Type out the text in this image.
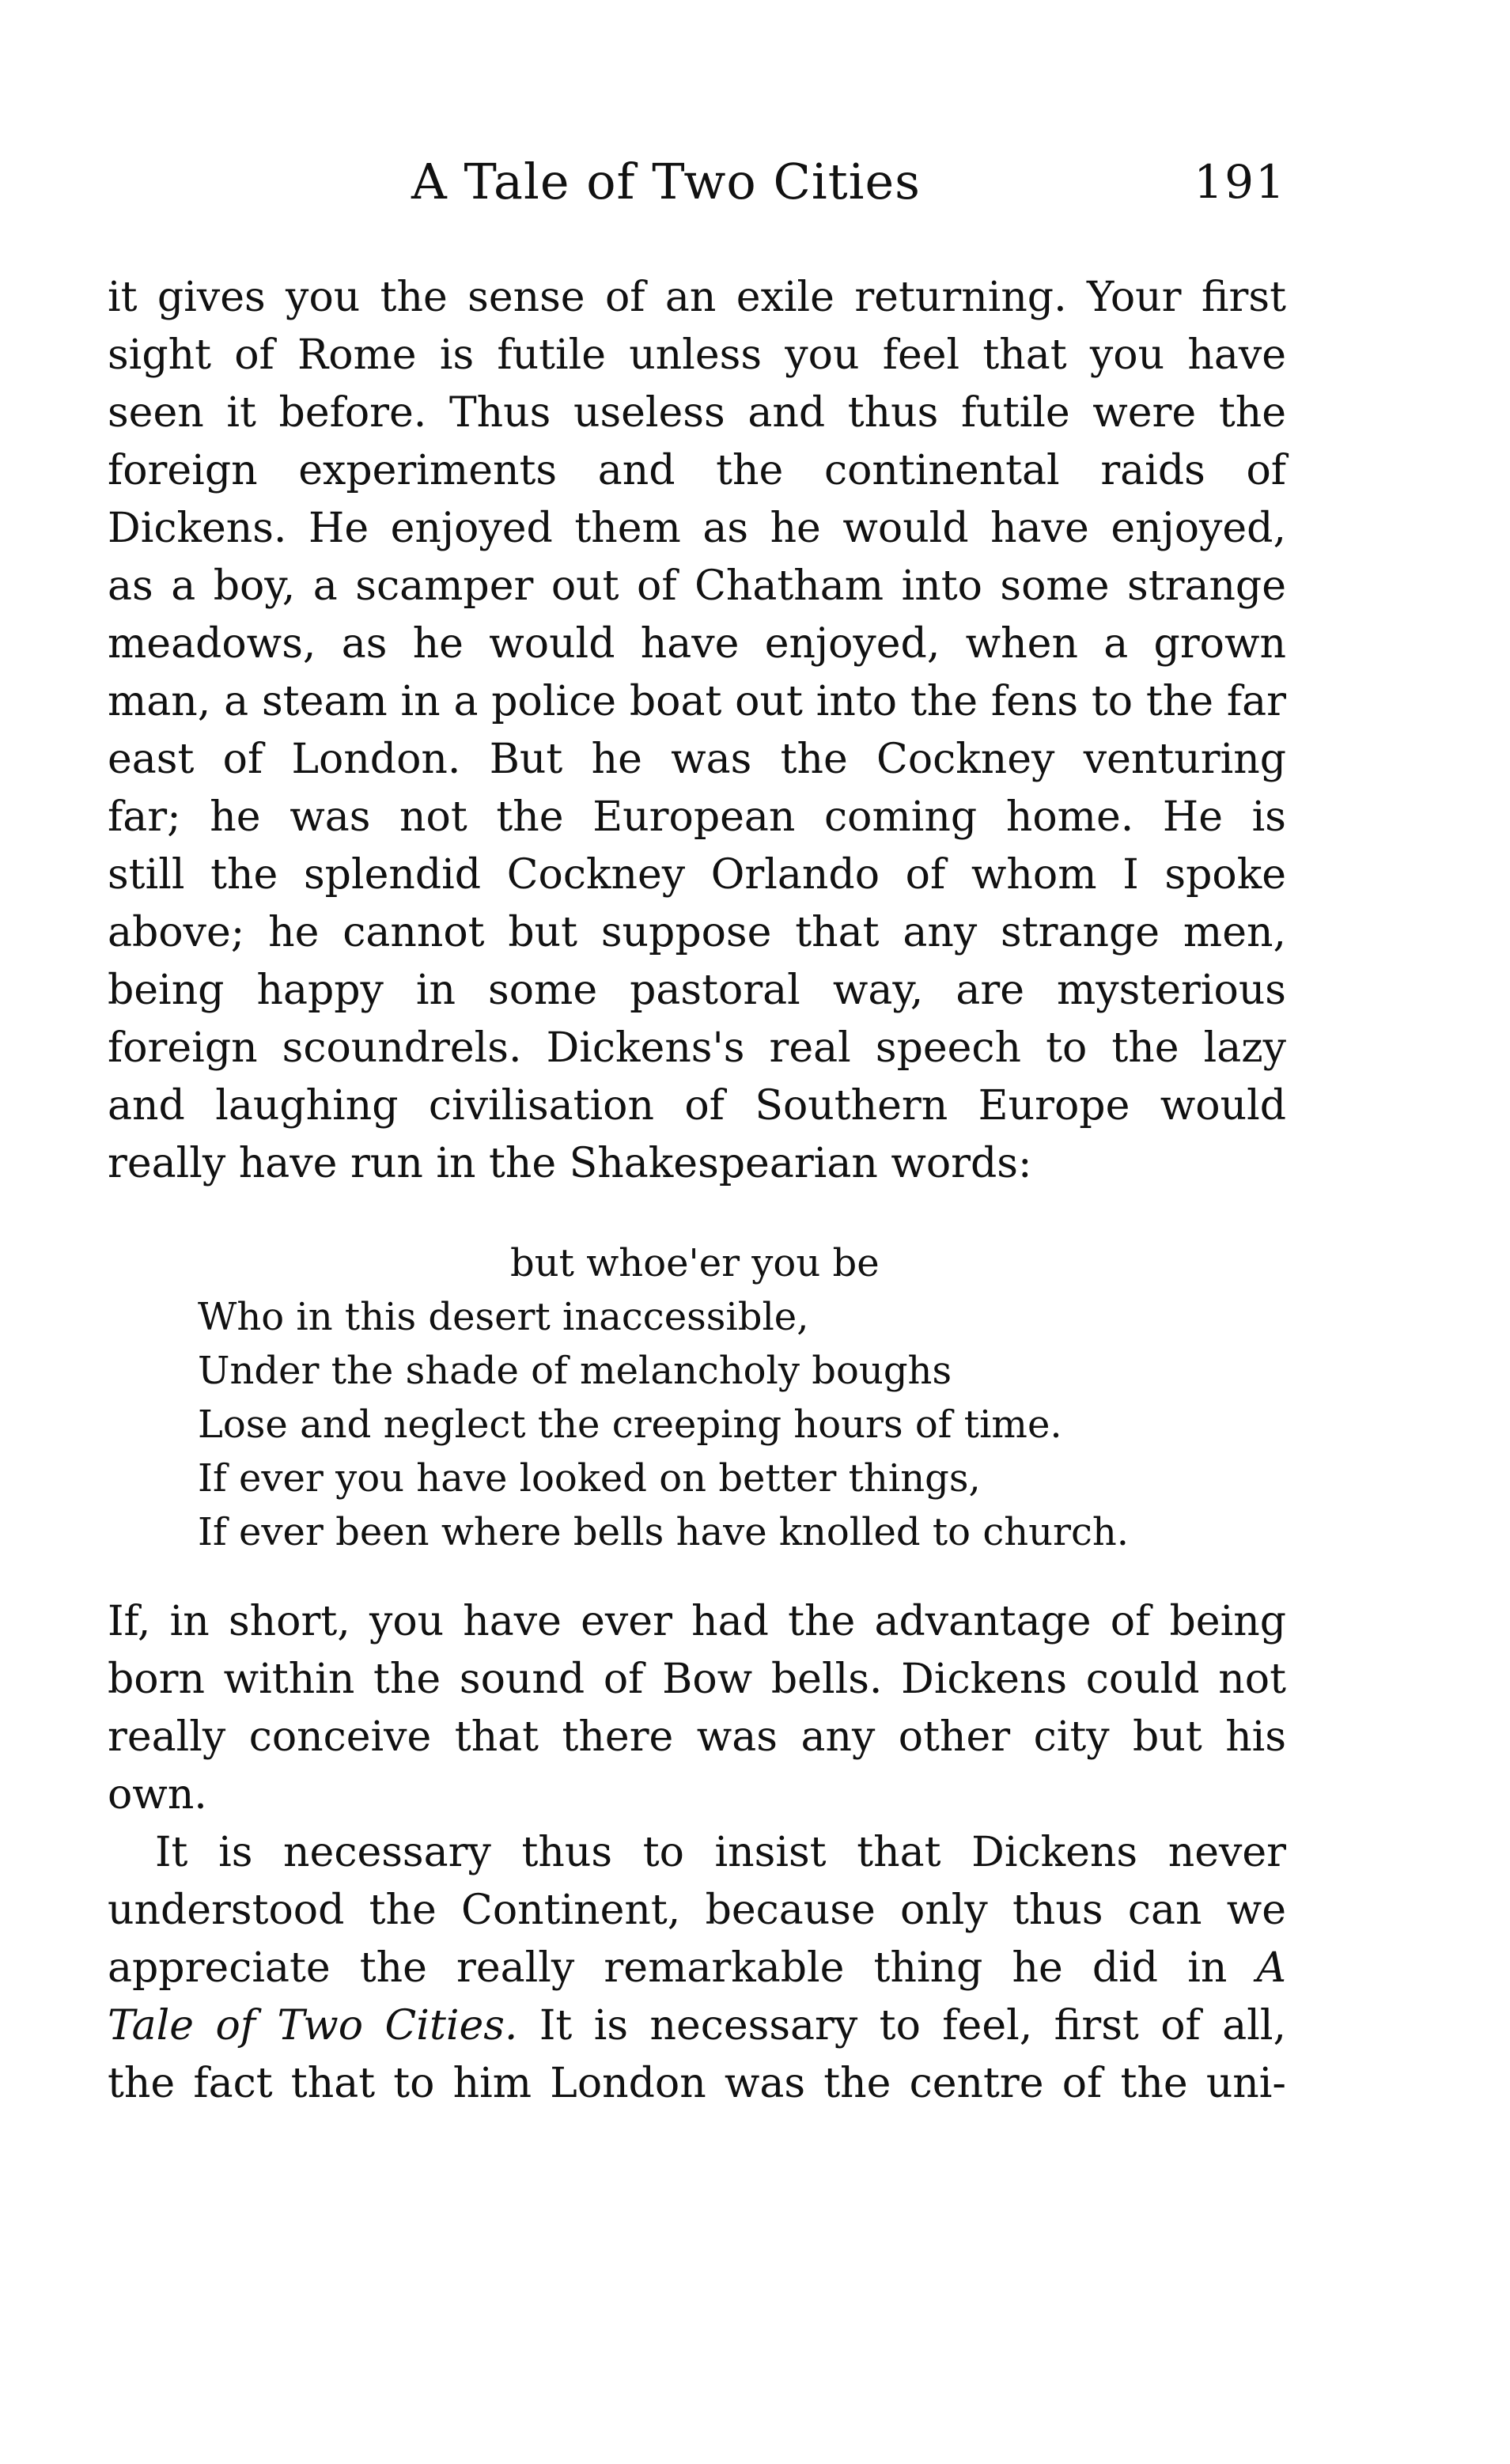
A Tale of Two Cities	191
it gives you the sense of an exile returning. Your first
sight of Rome is futile unless you feel that you have
seen it before. Thus useless and thus futile were the
foreign experiments and the continental raids of
Dickens. He enjoyed them as he would have enjoyed,
as a boy, a scamper out of Chatham into some strange
meadows, as he would have enjoyed, when a grown
man, a steam in a police boat out into the fens to the far
east of London. But he was the Cockney venturing
far; he was not the European coming home. He is
still the splendid Cockney Orlando of whom I spoke
above; he cannot but suppose that any strange men,
being happy in some pastoral way, are mysterious
foreign scoundrels. Dickens's real speech to the lazy
and laughing civilisation of Southern Europe would
really have run in the Shakespearian words:
but whoe'er you be
Who in this desert inaccessible,
Under the shade of melancholy boughs
Lose and neglect the creeping hours of time.
If ever you have looked on better things,
If ever been where bells have knolled to church.
If, in short, you have ever had the advantage of being
born within the sound of Bow bells. Dickens could not
really conceive that there was any other city but his
own.
It is necessary thus to insist that Dickens never
understood the Continent, because only thus can we
appreciate the really remarkable thing he did in A
Tale of Two Cities. It is necessary to feel, first of all,
the fact that to him London was the centre of the uni-
